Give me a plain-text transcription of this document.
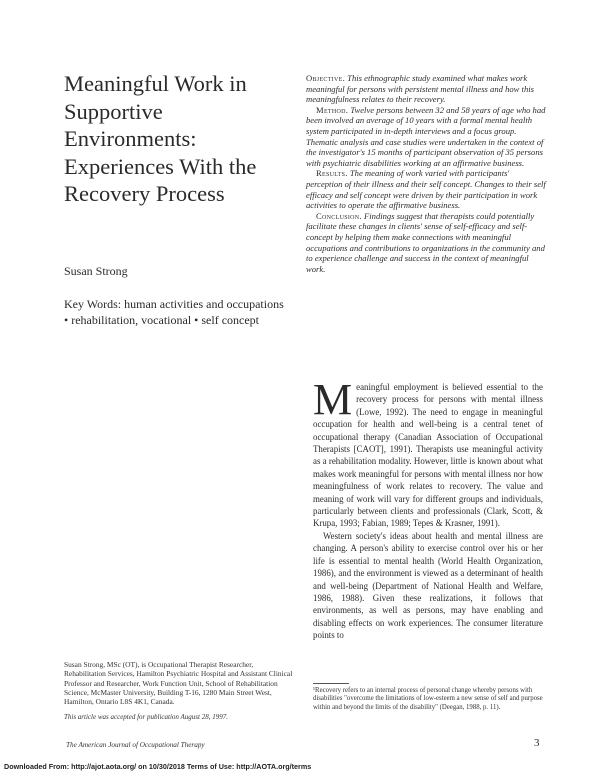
Meaningful Work in
Supportive
Environments:
Experiences With the
Recovery Process
Susan Strong
Key Words: human activities and occupations
• rehabilitation, vocational • self concept

Objective. This ethnographic study examined what makes work meaningful for persons with persistent mental illness and how this meaningfulness relates to their recovery.

Method. Twelve persons between 32 and 58 years of age who had been involved an average of 10 years with a formal mental health system participated in in-depth interviews and a focus group. Thematic analysis and case studies were undertaken in the context of the investigator's 15 months of participant observation of 35 persons with psychiatric disabilities working at an affirmative business.

Results. The meaning of work varied with participants' perception of their illness and their self concept. Changes to their self efficacy and self concept were driven by their participation in work activities to operate the affirmative business.

Conclusion. Findings suggest that therapists could potentially facilitate these changes in clients' sense of self-efficacy and self-concept by helping them make connections with meaningful occupations and contributions to organizations in the community and to experience challenge and success in the context of meaningful work.

Meaningful employment is believed essential to the recovery process for persons with mental illness (Lowe, 1992). The need to engage in meaningful occupation for health and well-being is a central tenet of occupational therapy (Canadian Association of Occupational Therapists [CAOT], 1991). Therapists use meaningful activity as a rehabilitation modality. However, little is known about what makes work meaningful for persons with mental illness nor how meaningfulness of work relates to recovery. The value and meaning of work will vary for different groups and individuals, particularly between clients and professionals (Clark, Scott, & Krupa, 1993; Fabian, 1989; Tepes & Krasner, 1991).

Western society's ideas about health and mental illness are changing. A person's ability to exercise control over his or her life is essential to mental health (World Health Organization, 1986), and the environment is viewed as a determinant of health and well-being (Department of National Health and Welfare, 1986, 1988). Given these realizations, it follows that environments, as well as persons, may have enabling and disabling effects on work experiences. The consumer literature points to

Susan Strong, MSc (OT), is Occupational Therapist Researcher, Rehabilitation Services, Hamilton Psychiatric Hospital and Assistant Clinical Professor and Researcher, Work Function Unit, School of Rehabilitation Science, McMaster University, Building T-16, 1280 Main Street West, Hamilton, Ontario L8S 4K1, Canada.
This article was accepted for publication August 28, 1997.
¹Recovery refers to an internal process of personal change whereby persons with disabilities "overcome the limitations of low-esteem a new sense of self and purpose within and beyond the limits of the disability" (Deegan, 1988, p. 11).
The American Journal of Occupational Therapy	3
Downloaded From: http://ajot.aota.org/ on 10/30/2018 Terms of Use: http://AOTA.org/terms
